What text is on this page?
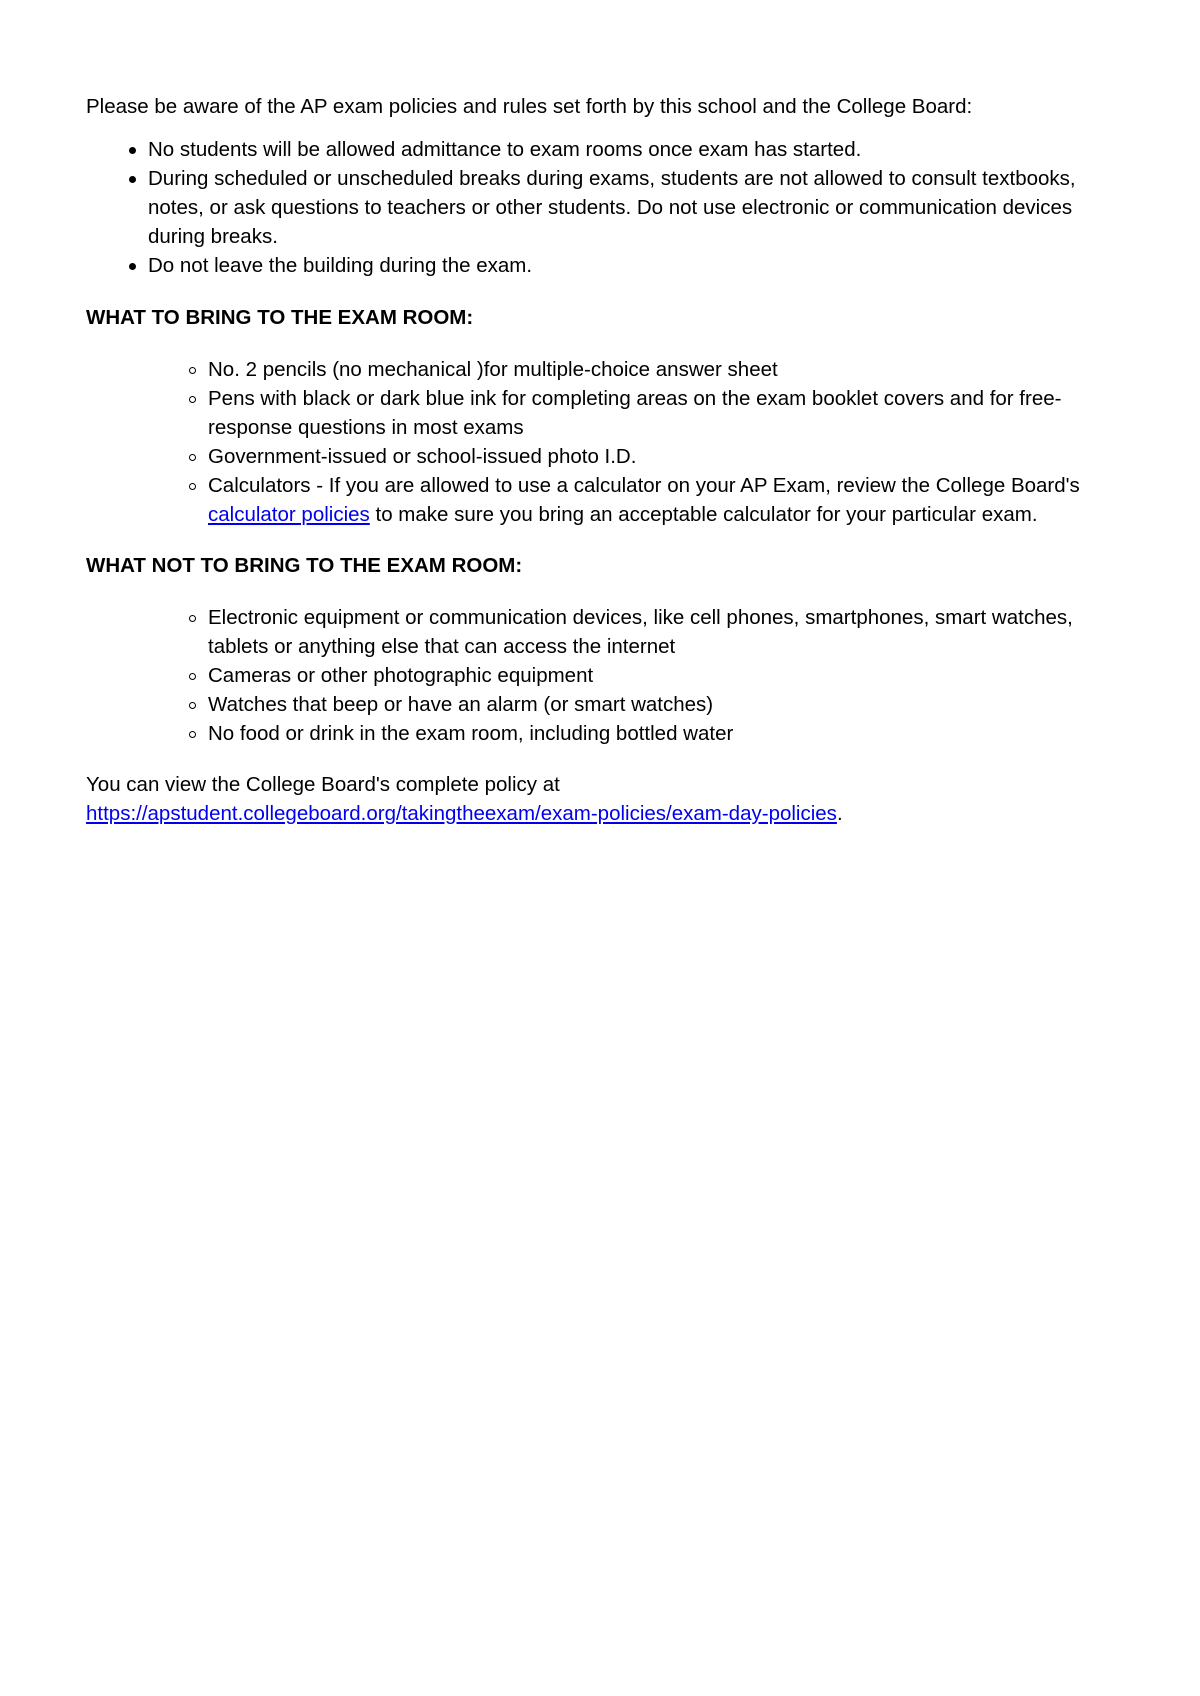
Please be aware of the AP exam policies and rules set forth by this school and the College Board:

No students will be allowed admittance to exam rooms once exam has started.
During scheduled or unscheduled breaks during exams, students are not allowed to consult textbooks, notes, or ask questions to teachers or other students. Do not use electronic or communication devices during breaks.
Do not leave the building during the exam.

WHAT TO BRING TO THE EXAM ROOM:

No. 2 pencils (no mechanical )for multiple-choice answer sheet
Pens with black or dark blue ink for completing areas on the exam booklet covers and for free-response questions in most exams
Government-issued or school-issued photo I.D.
Calculators - If you are allowed to use a calculator on your AP Exam, review the College Board's calculator policies to make sure you bring an acceptable calculator for your particular exam.

WHAT NOT TO BRING TO THE EXAM ROOM:

Electronic equipment or communication devices, like cell phones, smartphones, smart watches, tablets or anything else that can access the internet
Cameras or other photographic equipment
Watches that beep or have an alarm (or smart watches)
No food or drink in the exam room, including bottled water

You can view the College Board's complete policy at
https://apstudent.collegeboard.org/takingtheexam/exam-policies/exam-day-policies.
